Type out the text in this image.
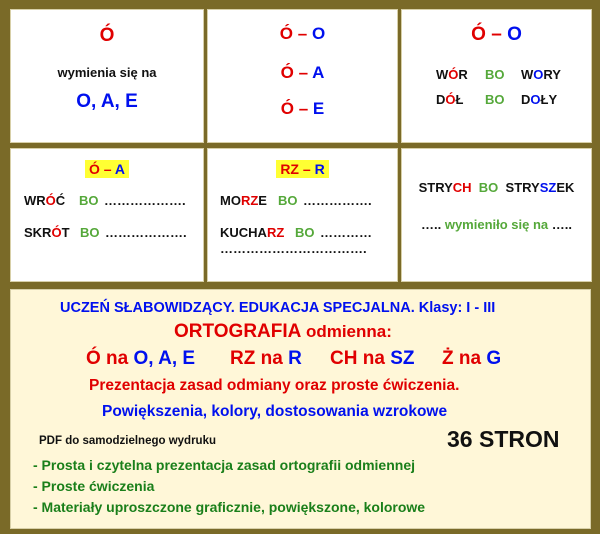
Ó
wymienia się na
O, A, E
Ó – O
Ó – A
Ó – E
Ó – O
WÓR BO WORY
DÓŁ BO DOŁY
Ó – A
WRÓĆ BO ……………….
SKRÓT BO ……………….
RZ – R
MORZE BO …………….
KUCHARZ BO …………
…………………………….
STRYCH BO STRYSZEK
….. wymieniło się na …..
UCZEŃ SŁABOWIDZĄCY. EDUKACJA SPECJALNA. Klasy: I - III
ORTOGRAFIA odmienna:
Ó na O, A, E RZ na R CH na SZ Ż na G
Prezentacja zasad odmiany oraz proste ćwiczenia.
Powiększenia, kolory, dostosowania wzrokowe
PDF do samodzielnego wydruku	36 STRON
- Prosta i czytelna prezentacja zasad ortografii odmiennej
- Proste ćwiczenia
- Materiały uproszczone graficznie, powiększone, kolorowe
